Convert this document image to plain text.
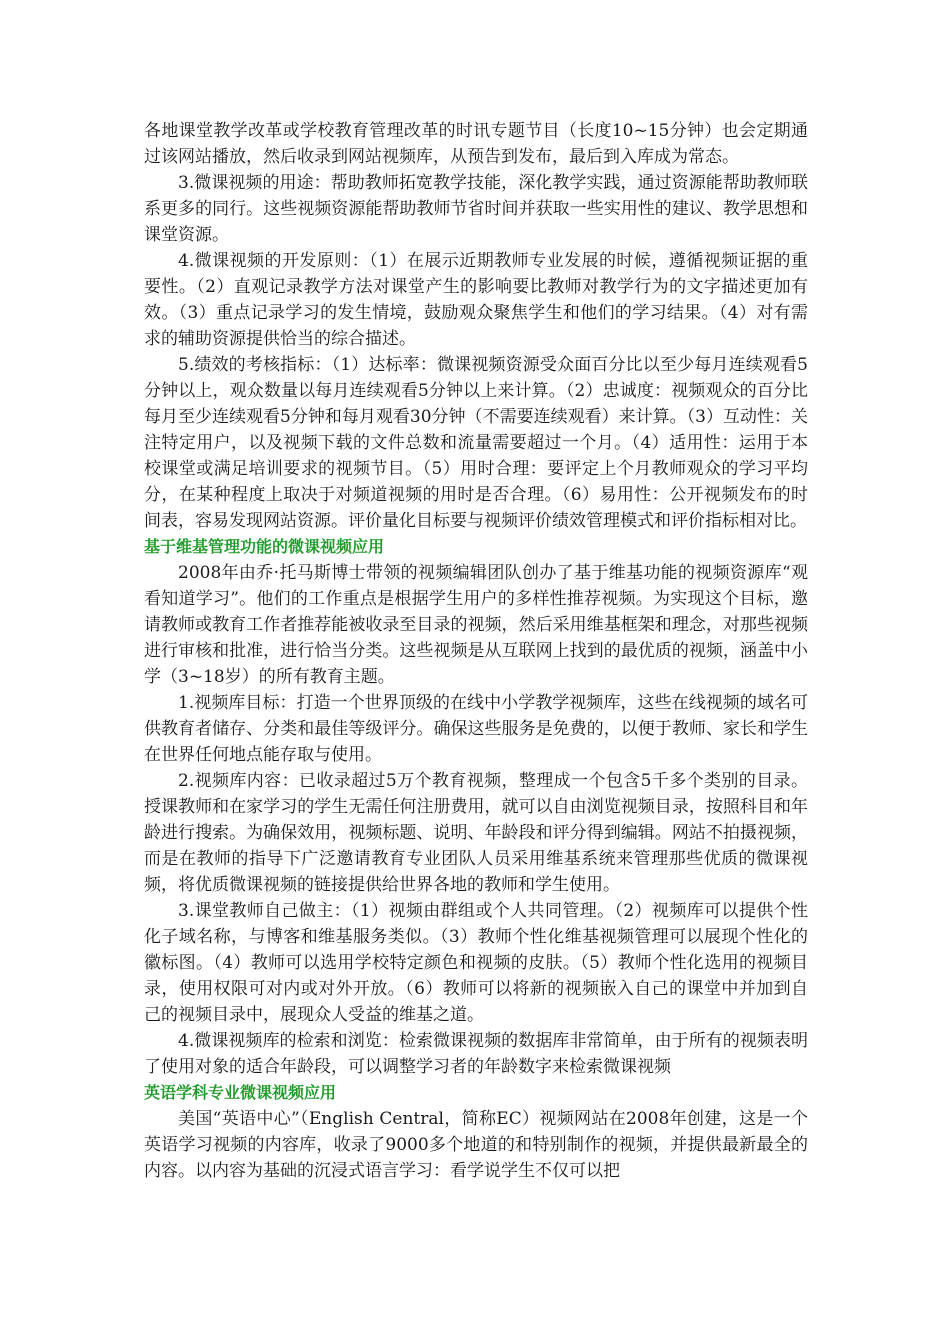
各地课堂教学改革或学校教育管理改革的时讯专题节目（长度10~15分钟）也会定期通过该网站播放，然后收录到网站视频库，从预告到发布，最后到入库成为常态。

3.微课视频的用途：帮助教师拓宽教学技能，深化教学实践，通过资源能帮助教师联系更多的同行。这些视频资源能帮助教师节省时间并获取一些实用性的建议、教学思想和课堂资源。

4.微课视频的开发原则：（1）在展示近期教师专业发展的时候，遵循视频证据的重要性。（2）直观记录教学方法对课堂产生的影响要比教师对教学行为的文字描述更加有效。（3）重点记录学习的发生情境，鼓励观众聚焦学生和他们的学习结果。（4）对有需求的辅助资源提供恰当的综合描述。

5.绩效的考核指标：（1）达标率：微课视频资源受众面百分比以至少每月连续观看5分钟以上，观众数量以每月连续观看5分钟以上来计算。（2）忠诚度：视频观众的百分比每月至少连续观看5分钟和每月观看30分钟（不需要连续观看）来计算。（3）互动性：关注特定用户，以及视频下载的文件总数和流量需要超过一个月。（4）适用性：运用于本校课堂或满足培训要求的视频节目。（5）用时合理：要评定上个月教师观众的学习平均分，在某种程度上取决于对频道视频的用时是否合理。（6）易用性：公开视频发布的时间表，容易发现网站资源。评价量化目标要与视频评价绩效管理模式和评价指标相对比。

基于维基管理功能的微课视频应用

2008年由乔·托马斯博士带领的视频编辑团队创办了基于维基功能的视频资源库“观看知道学习”。他们的工作重点是根据学生用户的多样性推荐视频。为实现这个目标，邀请教师或教育工作者推荐能被收录至目录的视频，然后采用维基框架和理念，对那些视频进行审核和批准，进行恰当分类。这些视频是从互联网上找到的最优质的视频，涵盖中小学（3~18岁）的所有教育主题。

1.视频库目标：打造一个世界顶级的在线中小学教学视频库，这些在线视频的域名可供教育者储存、分类和最佳等级评分。确保这些服务是免费的，以便于教师、家长和学生在世界任何地点能存取与使用。

2.视频库内容：已收录超过5万个教育视频，整理成一个包含5千多个类别的目录。授课教师和在家学习的学生无需任何注册费用，就可以自由浏览视频目录，按照科目和年龄进行搜索。为确保效用，视频标题、说明、年龄段和评分得到编辑。网站不拍摄视频，而是在教师的指导下广泛邀请教育专业团队人员采用维基系统来管理那些优质的微课视频，将优质微课视频的链接提供给世界各地的教师和学生使用。

3.课堂教师自己做主：（1）视频由群组或个人共同管理。（2）视频库可以提供个性化子域名称，与博客和维基服务类似。（3）教师个性化维基视频管理可以展现个性化的徽标图。（4）教师可以选用学校特定颜色和视频的皮肤。（5）教师个性化选用的视频目录，使用权限可对内或对外开放。（6）教师可以将新的视频嵌入自己的课堂中并加到自己的视频目录中，展现众人受益的维基之道。

4.微课视频库的检索和浏览：检索微课视频的数据库非常简单，由于所有的视频表明了使用对象的适合年龄段，可以调整学习者的年龄数字来检索微课视频

英语学科专业微课视频应用

美国“英语中心”（English Central，简称EC）视频网站在2008年创建，这是一个英语学习视频的内容库，收录了9000多个地道的和特别制作的视频，并提供最新最全的内容。以内容为基础的沉浸式语言学习：看学说学生不仅可以把
